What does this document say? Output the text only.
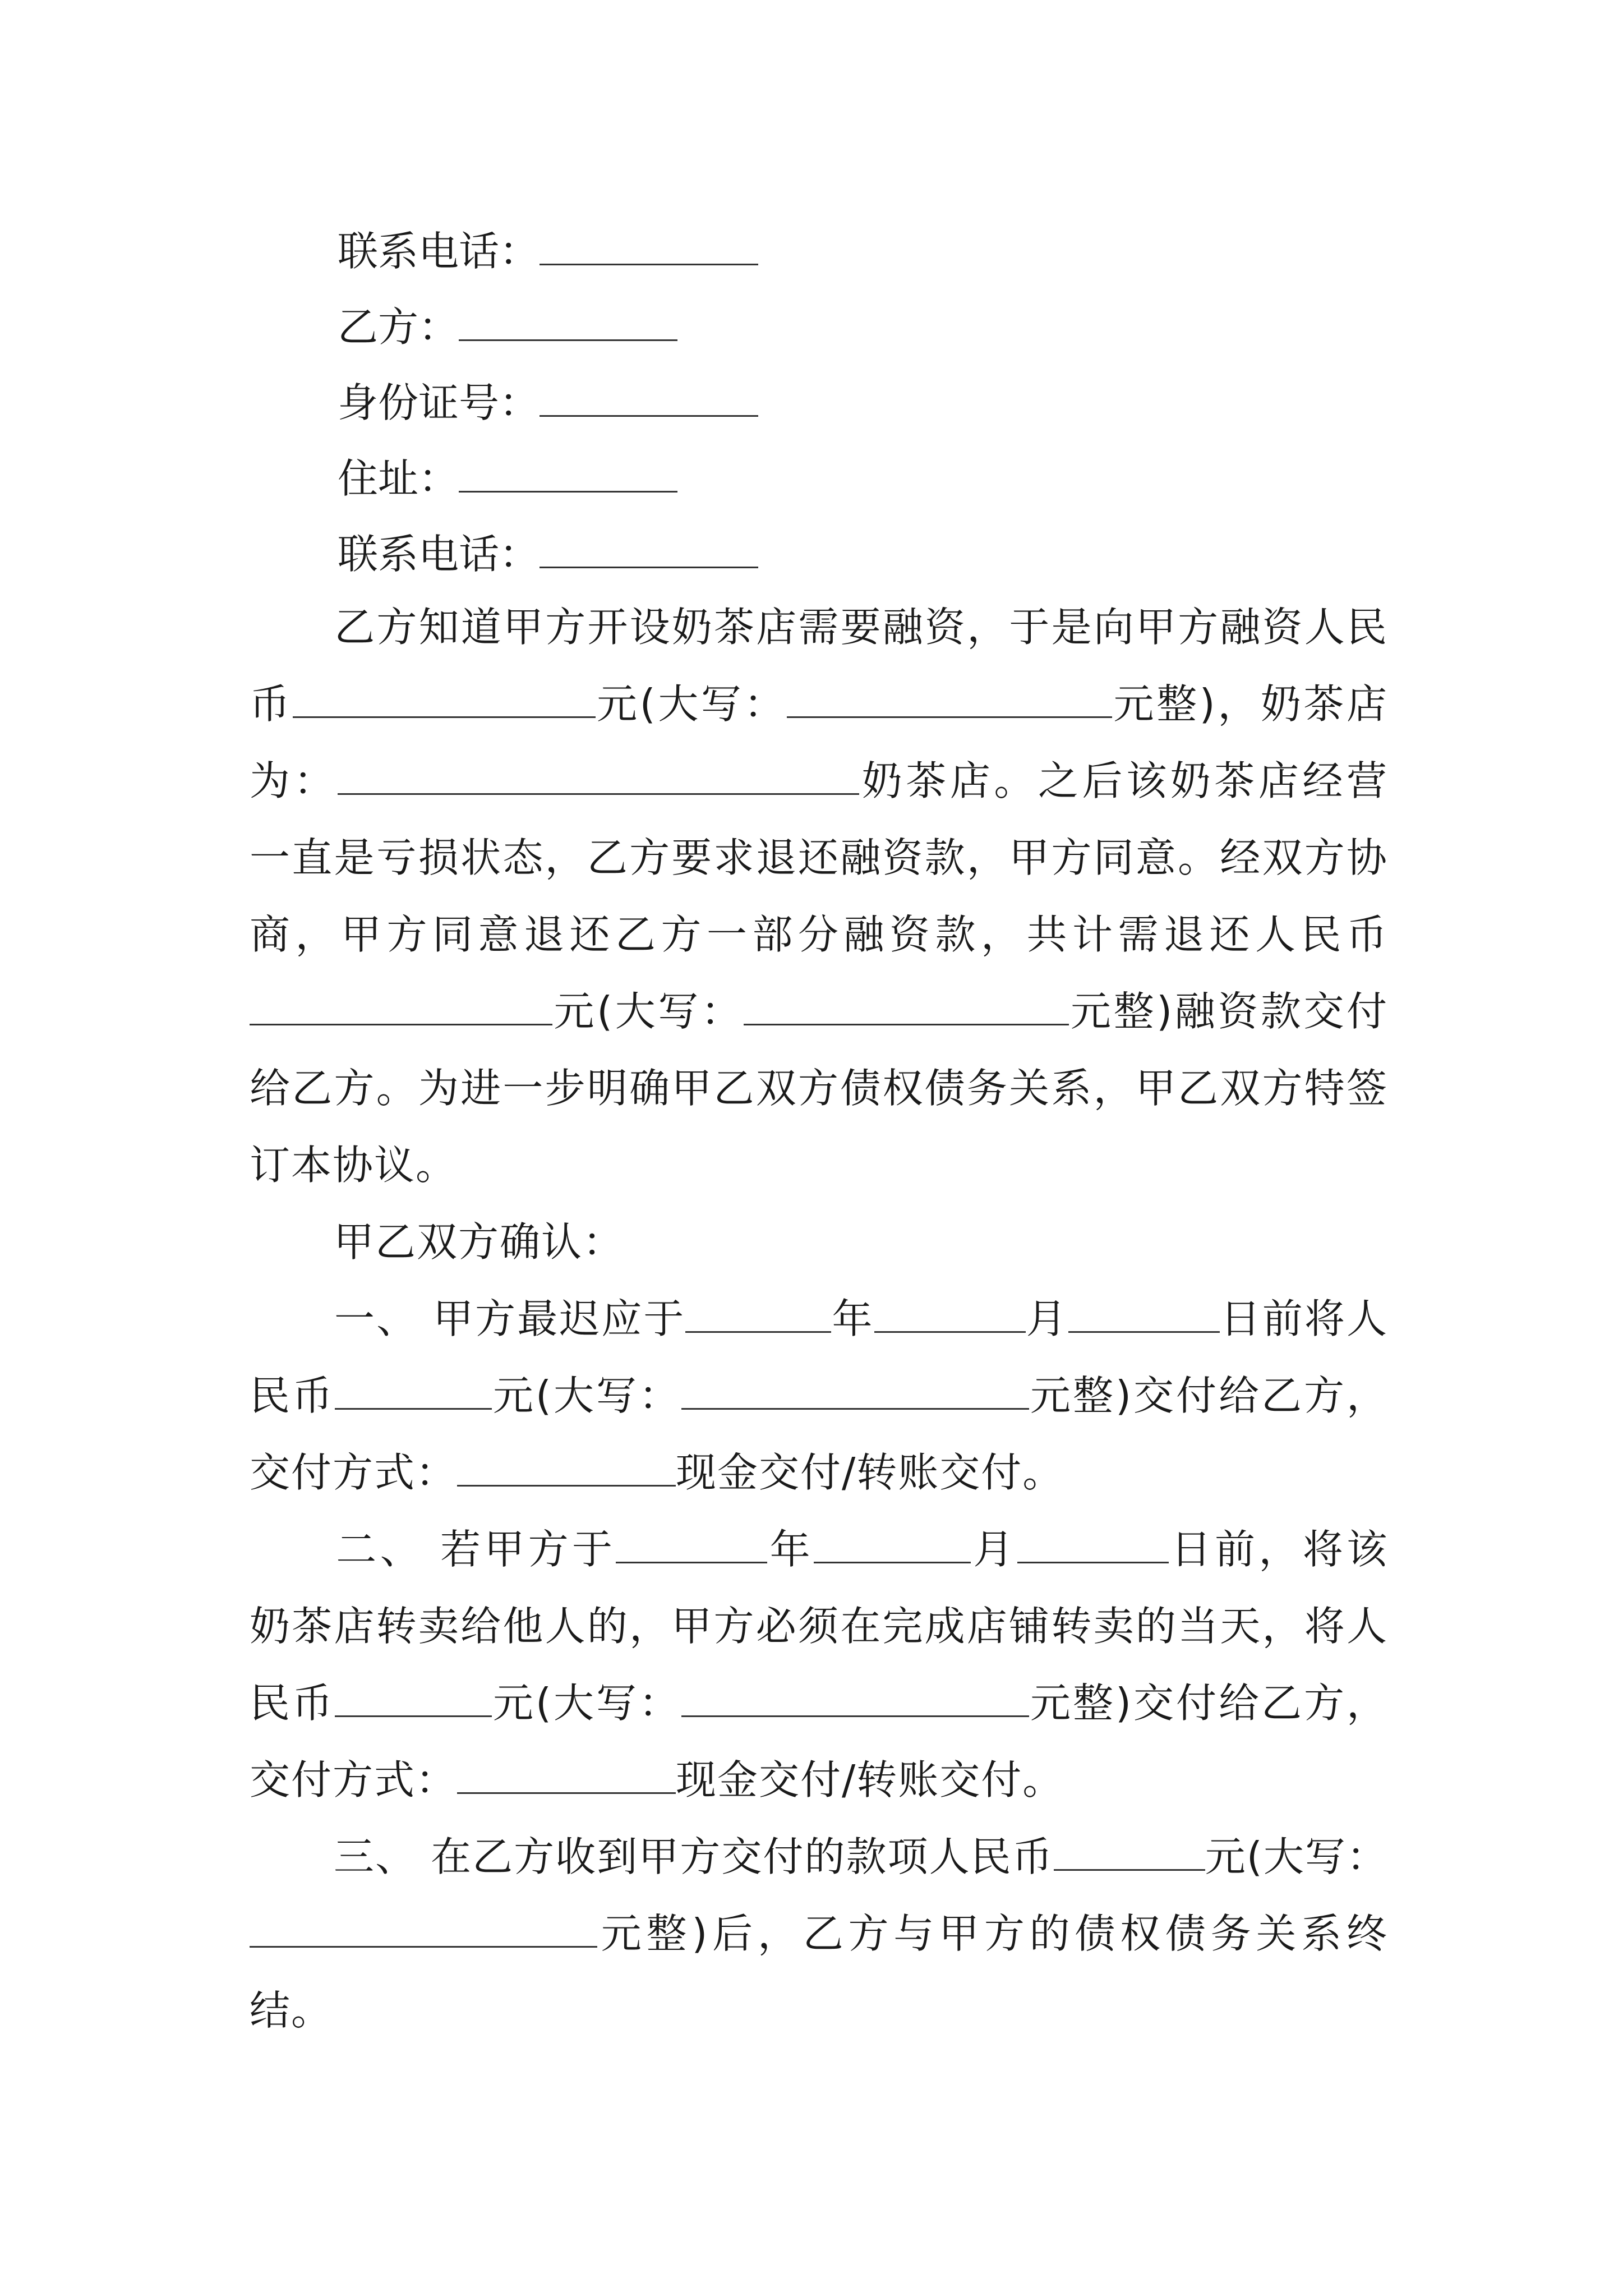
联系电话：
乙方：
身份证号：
住址：
联系电话：
乙方知道甲方开设奶茶店需要融资，于是向甲方融资人民币	元(大写：	元整)，奶茶店为：	奶茶店。之后该奶茶店经营一直是亏损状态，乙方要求退还融资款，甲方同意。经双方协商，甲方同意退还乙方一部分融资款，共计需退还人民币元(大写：	元整)融资款交付给乙方。为进一步明确甲乙双方债权债务关系，甲乙双方特签订本协议。
甲乙双方确认：
一、 甲方最迟应于	年	月	日前将人民币	元(大写：	元整)交付给乙方，交付方式：	现金交付/转账交付。
二、 若甲方于	年	月	日前，将该奶茶店转卖给他人的，甲方必须在完成店铺转卖的当天，将人民币	元(大写：	元整)交付给乙方，交付方式：	现金交付/转账交付。
三、 在乙方收到甲方交付的款项人民币	元(大写：元整)后，乙方与甲方的债权债务关系终结。
